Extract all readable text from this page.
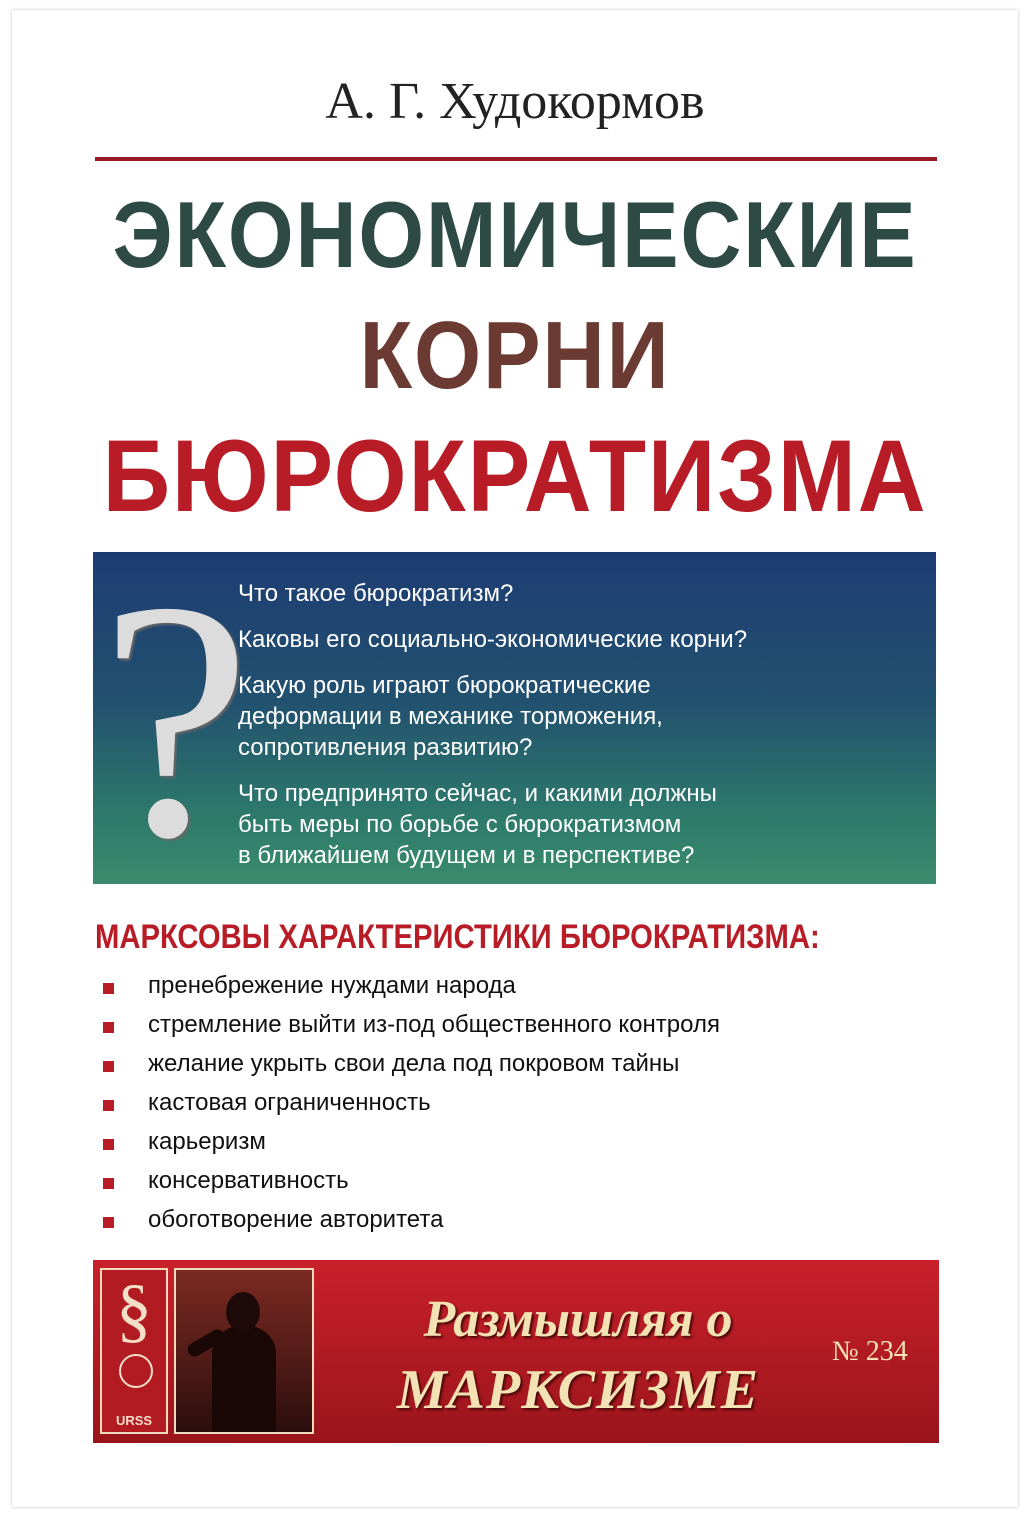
А. Г. Худокормов
ЭКОНОМИЧЕСКИЕ
КОРНИ
БЮРОКРАТИЗМА
?
Что такое бюрократизм?
Каковы его социально-экономические корни?
Какую роль играют бюрократические
деформации в механике торможения,
сопротивления развитию?
Что предпринято сейчас, и какими должны
быть меры по борьбе с бюрократизмом
в ближайшем будущем и в перспективе?
МАРКСОВЫ ХАРАКТЕРИСТИКИ БЮРОКРАТИЗМА:
пренебрежение нуждами народа
стремление выйти из-под общественного контроля
желание укрыть свои дела под покровом тайны
кастовая ограниченность
карьеризм
консервативность
обоготворение авторитета
§
URSS
Размышляя о
МАРКСИЗМЕ
№ 234
